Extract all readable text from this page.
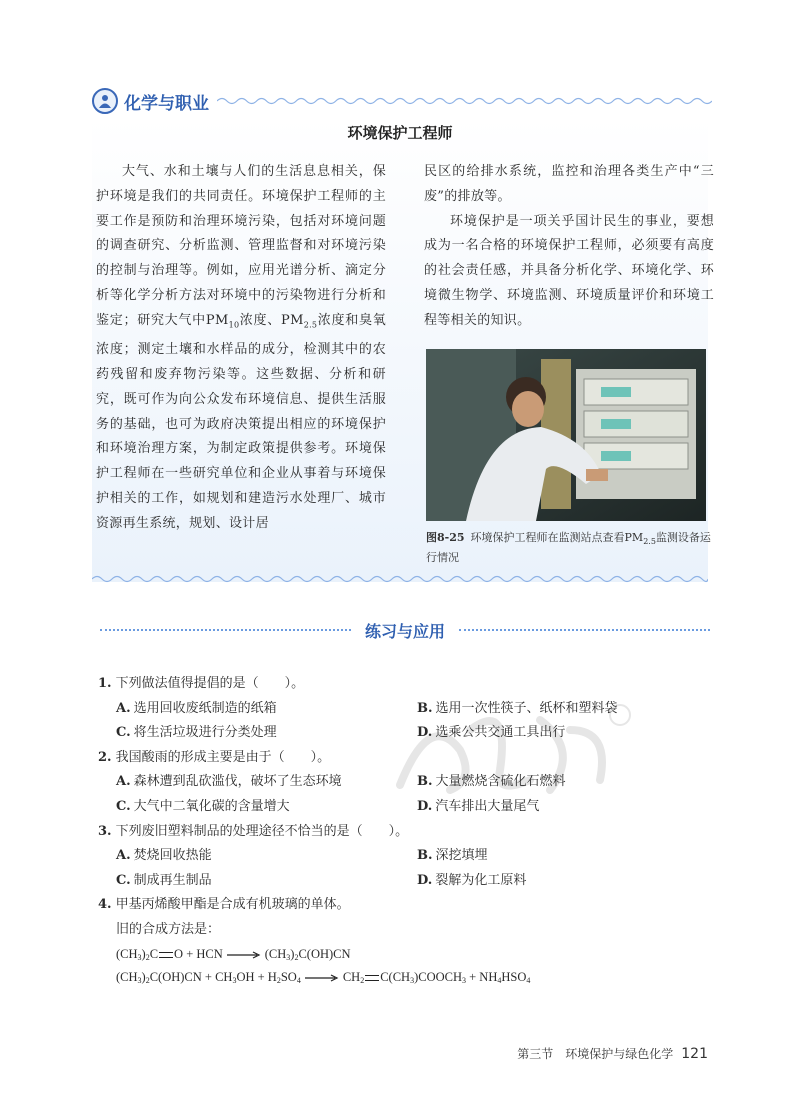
化学与职业
环境保护工程师

大气、水和土壤与人们的生活息息相关，保护环境是我们的共同责任。环境保护工程师的主要工作是预防和治理环境污染，包括对环境问题的调查研究、分析监测、管理监督和对环境污染的控制与治理等。例如，应用光谱分析、滴定分析等化学分析方法对环境中的污染物进行分析和鉴定；研究大气中$PM_{10}$浓度、$PM_{2.5}$浓度和臭氧浓度；测定土壤和水样品的成分，检测其中的农药残留和废弃物污染等。这些数据、分析和研究，既可作为向公众发布环境信息、提供生活服务的基础，也可为政府决策提出相应的环境保护和环境治理方案，为制定政策提供参考。环境保护工程师在一些研究单位和企业从事着与环境保护相关的工作，如规划和建造污水处理厂、城市资源再生系统，规划、设计居

民区的给排水系统，监控和治理各类生产中“三废”的排放等。

环境保护是一项关乎国计民生的事业，要想成为一名合格的环境保护工程师，必须要有高度的社会责任感，并具备分析化学、环境化学、环境微生物学、环境监测、环境质量评价和环境工程等相关的知识。

图8-25 环境保护工程师在监测站点查看$PM_{2.5}$监测设备运行情况
练习与应用
1. 下列做法值得提倡的是（　　）。
A. 选用回收废纸制造的纸箱	B. 选用一次性筷子、纸杯和塑料袋
C. 将生活垃圾进行分类处理	D. 选乘公共交通工具出行
2. 我国酸雨的形成主要是由于（　　）。
A. 森林遭到乱砍滥伐，破坏了生态环境	B. 大量燃烧含硫化石燃料
C. 大气中二氧化碳的含量增大	D. 汽车排出大量尾气
3. 下列废旧塑料制品的处理途径不恰当的是（　　）。
A. 焚烧回收热能	B. 深挖填埋
C. 制成再生制品	D. 裂解为化工原料
4. 甲基丙烯酸甲酯是合成有机玻璃的单体。
旧的合成方法是：
$(CH_3)_2C$ O + HCN → $(CH_3)_2C(OH)CN$
$(CH_3)_2C(OH)CN + CH_3OH + H_2SO_4 \to CH_2$ $C(CH_3)COOCH_3 + NH_4HSO_4$
第三节　环境保护与绿色化学 121
